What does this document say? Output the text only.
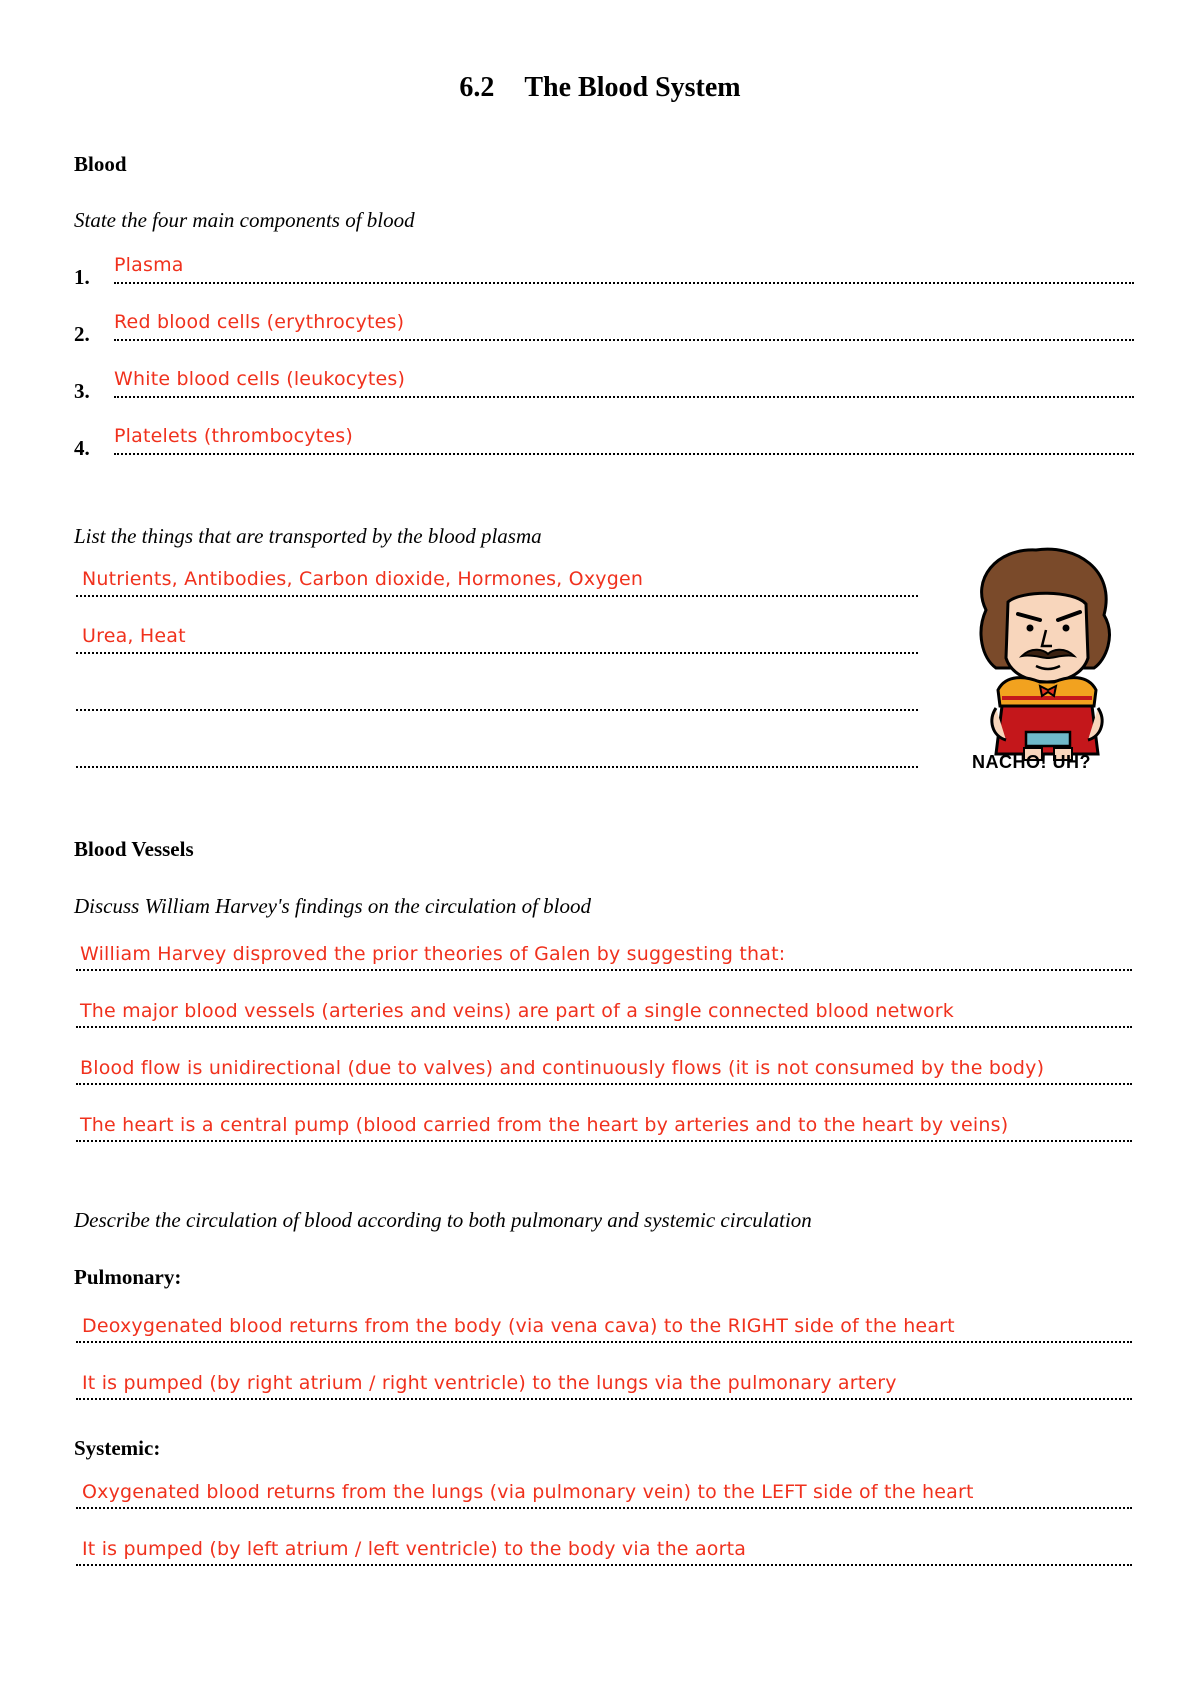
6.2 The Blood System
Blood
State the four main components of blood
1. Plasma
2. Red blood cells (erythrocytes)
3. White blood cells (leukocytes)
4. Platelets (thrombocytes)
List the things that are transported by the blood plasma
Nutrients, Antibodies, Carbon dioxide, Hormones, Oxygen
Urea, Heat
NACHO! UH?
Blood Vessels
Discuss William Harvey's findings on the circulation of blood
William Harvey disproved the prior theories of Galen by suggesting that:
The major blood vessels (arteries and veins) are part of a single connected blood network
Blood flow is unidirectional (due to valves) and continuously flows (it is not consumed by the body)
The heart is a central pump (blood carried from the heart by arteries and to the heart by veins)
Describe the circulation of blood according to both pulmonary and systemic circulation
Pulmonary:
Deoxygenated blood returns from the body (via vena cava) to the RIGHT side of the heart
It is pumped (by right atrium / right ventricle) to the lungs via the pulmonary artery
Systemic:
Oxygenated blood returns from the lungs (via pulmonary vein) to the LEFT side of the heart
It is pumped (by left atrium / left ventricle) to the body via the aorta
